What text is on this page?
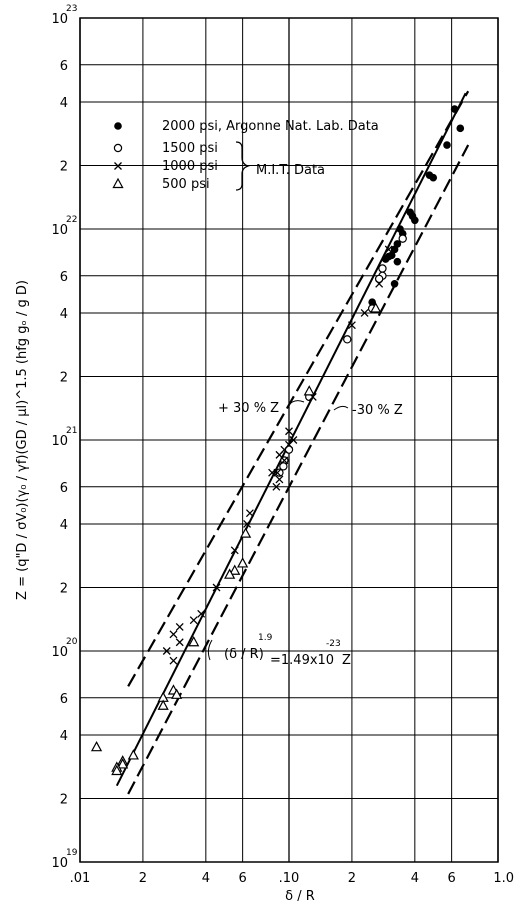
.01	2	4 6 .10	2	4 6	1.0
10
19
2
4
6
10
20
2
4
6
10
21
2
4
6
10
22
2
4
6
10
23
2000 psi, Argonne Nat. Lab. Data
1500 psi
1000 psi
500 psi
M.I.T. Data
+ 30 % Z	-30 % Z
(δ / R)
1.9
=1.49x10
-23
Z
δ / R
Z = (q"D / σV₀)(γ₀ / γf)(GD / μl)^1.5 (hfg gₒ / g D)
